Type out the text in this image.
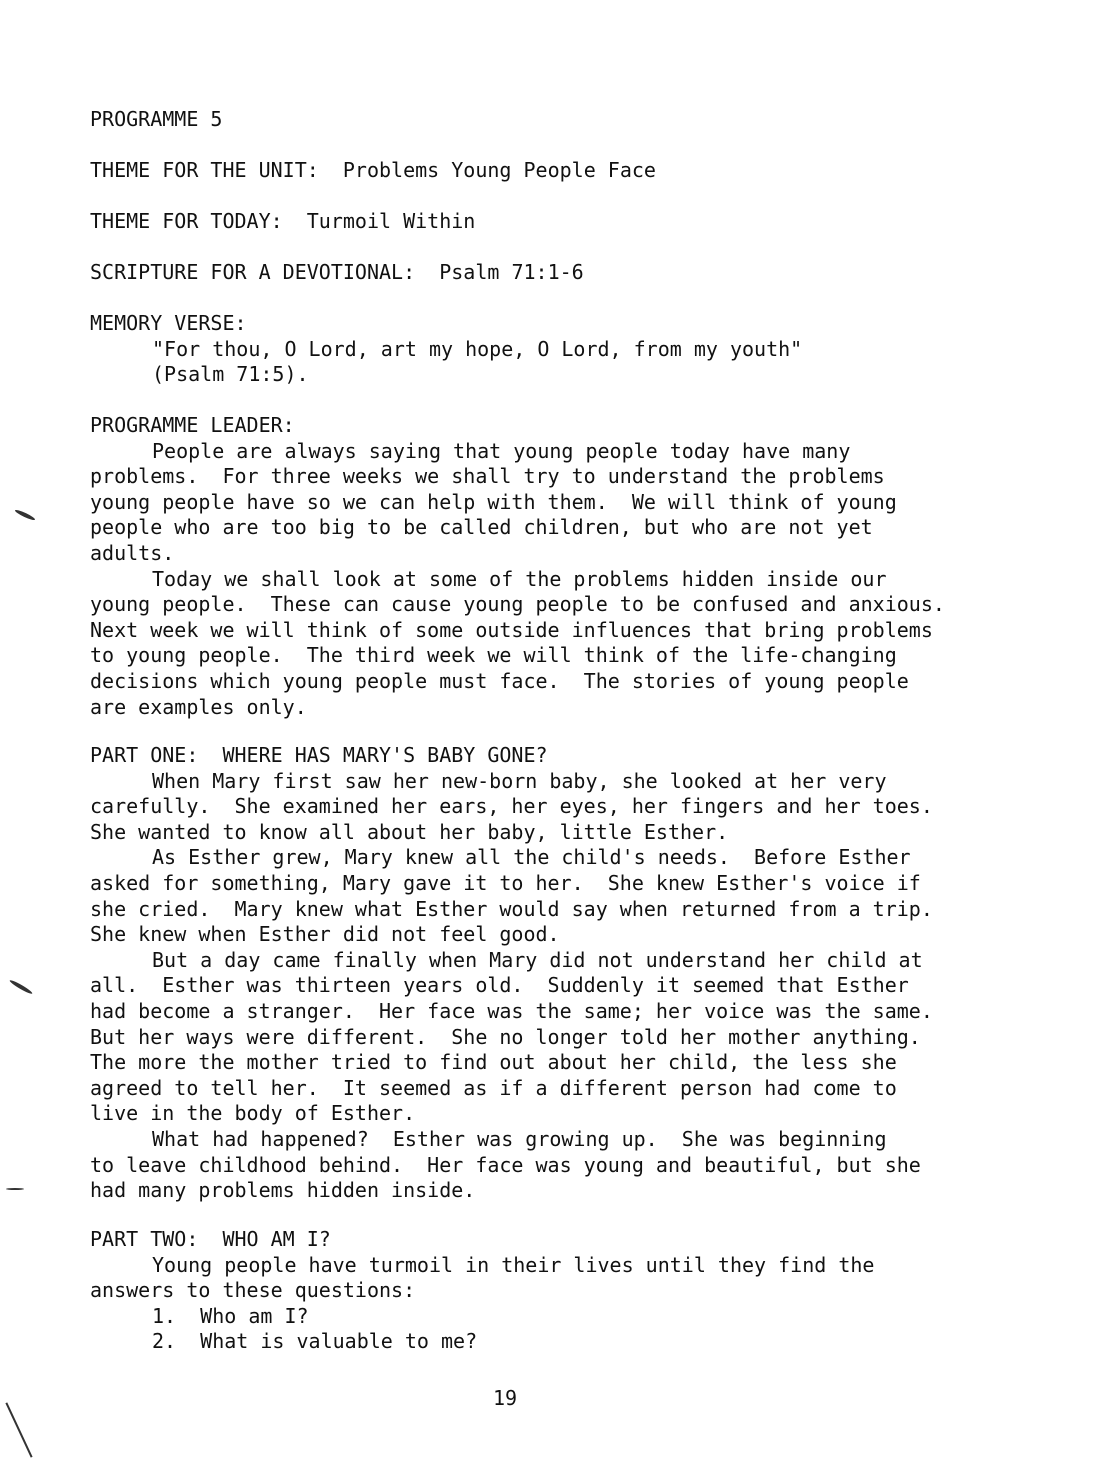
PROGRAMME 5
THEME FOR THE UNIT: Problems Young People Face
THEME FOR TODAY: Turmoil Within
SCRIPTURE FOR A DEVOTIONAL: Psalm 71:1-6
MEMORY VERSE:
"For thou, O Lord, art my hope, O Lord, from my youth"
(Psalm 71:5).
PROGRAMME LEADER:
People are always saying that young people today have many
problems.  For three weeks we shall try to understand the problems
young people have so we can help with them.  We will think of young
people who are too big to be called children, but who are not yet
adults.
Today we shall look at some of the problems hidden inside our
young people.  These can cause young people to be confused and anxious.
Next week we will think of some outside influences that bring problems
to young people.  The third week we will think of the life-changing
decisions which young people must face.  The stories of young people
are examples only.
PART ONE:  WHERE HAS MARY'S BABY GONE?
When Mary first saw her new-born baby, she looked at her very
carefully.  She examined her ears, her eyes, her fingers and her toes.
She wanted to know all about her baby, little Esther.
As Esther grew, Mary knew all the child's needs.  Before Esther
asked for something, Mary gave it to her.  She knew Esther's voice if
she cried.  Mary knew what Esther would say when returned from a trip.
She knew when Esther did not feel good.
But a day came finally when Mary did not understand her child at
all.  Esther was thirteen years old.  Suddenly it seemed that Esther
had become a stranger.  Her face was the same; her voice was the same.
But her ways were different.  She no longer told her mother anything.
The more the mother tried to find out about her child, the less she
agreed to tell her.  It seemed as if a different person had come to
live in the body of Esther.
What had happened?  Esther was growing up.  She was beginning
to leave childhood behind.  Her face was young and beautiful, but she
had many problems hidden inside.
PART TWO:  WHO AM I?
Young people have turmoil in their lives until they find the
answers to these questions:
1.  Who am I?
2.  What is valuable to me?
19
